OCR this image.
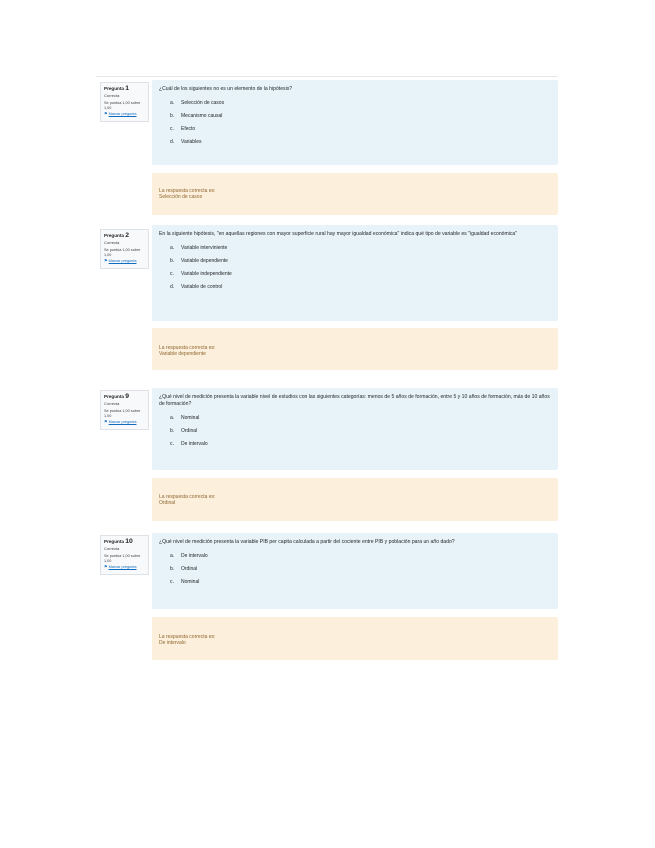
Pregunta 1
Correcta
Se puntúa 1,00 sobre 1,00
⚑ Marcar pregunta
¿Cuál de los siguientes no es un elemento de la hipótesis?
a.	Selección de casos
b.	Mecanismo causal
c.	Efecto
d.	Variables
La respuesta correcta es:
Selección de casos
Pregunta 2
Correcta
Se puntúa 1,00 sobre 1,00
⚑ Marcar pregunta
En la siguiente hipótesis, "en aquellas regiones con mayor superficie rural hay mayor igualdad económica" indica qué tipo de variable es "igualdad económica"
a.	Variable interviniente
b.	Variable dependiente
c.	Variable independiente
d.	Variable de control
La respuesta correcta es:
Variable dependiente
Pregunta 9
Correcta
Se puntúa 1,00 sobre 1,00
⚑ Marcar pregunta
¿Qué nivel de medición presenta la variable nivel de estudios con las siguientes categorías: menos de 5 años de formación, entre 5 y 10 años de formación, más de 10 años de formación?
a.	Nominal
b.	Ordinal
c.	De intervalo
La respuesta correcta es:
Ordinal
Pregunta 10
Correcta
Se puntúa 1,00 sobre 1,00
⚑ Marcar pregunta
¿Qué nivel de medición presenta la variable PIB per capita calculada a partir del cociente entre PIB y población para un año dado?
a.	De intervalo
b.	Ordinal
c.	Nominal
La respuesta correcta es:
De intervalo
